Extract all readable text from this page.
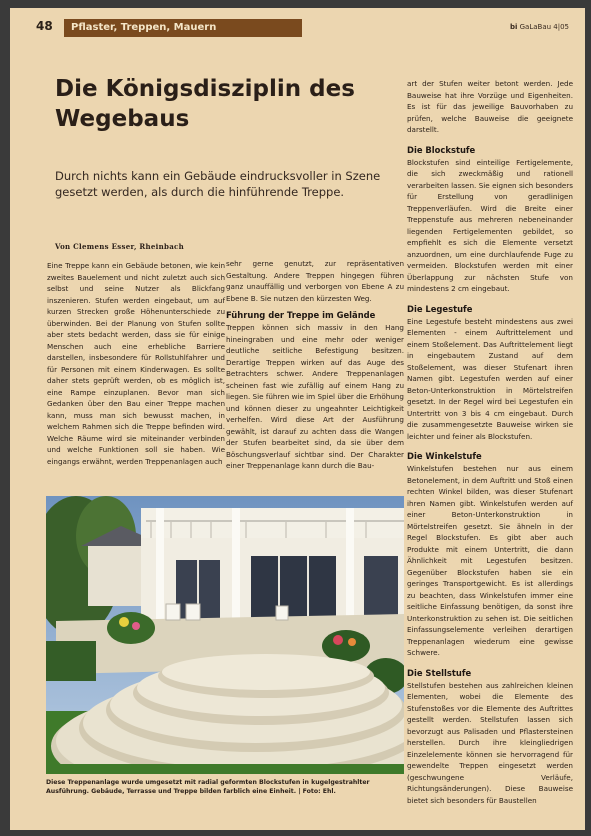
48	Pflaster, Treppen, Mauern	bi GaLaBau 4|05
Die Königsdisziplin des Wegebaus

Durch nichts kann ein Gebäude eindrucksvoller in Szene gesetzt werden, als durch die hinführende Treppe.

Von Clemens Esser, Rheinbach

Eine Treppe kann ein Gebäude betonen, wie kein zweites Bauelement und nicht zuletzt auch sich selbst und seine Nutzer als Blickfang inszenieren. Stufen werden eingebaut, um auf kurzen Strecken große Höhenunterschiede zu überwinden. Bei der Planung von Stufen sollte aber stets bedacht werden, dass sie für einige Menschen auch eine erhebliche Barriere darstellen, insbesondere für Rollstuhlfahrer und für Personen mit einem Kinderwagen. Es sollte daher stets geprüft werden, ob es möglich ist, eine Rampe einzuplanen. Bevor man sich Gedanken über den Bau einer Treppe machen kann, muss man sich bewusst machen, in welchem Rahmen sich die Treppe befinden wird. Welche Räume wird sie miteinander verbinden und welche Funktionen soll sie haben. Wie eingangs erwähnt, werden Treppenanlagen auch

sehr gerne genutzt, zur repräsentativen Gestaltung. Andere Treppen hingegen führen ganz unauffällig und verborgen von Ebene A zu Ebene B. Sie nutzen den kürzesten Weg.

Führung der Treppe im Gelände

Treppen können sich massiv in den Hang hineingraben und eine mehr oder weniger deutliche seitliche Befestigung besitzen. Derartige Treppen wirken auf das Auge des Betrachters schwer. Andere Treppenanlagen scheinen fast wie zufällig auf einem Hang zu liegen. Sie führen wie im Spiel über die Erhöhung und können dieser zu ungeahnter Leichtigkeit verhelfen. Wird diese Art der Ausführung gewählt, ist darauf zu achten dass die Wangen der Stufen bearbeitet sind, da sie über dem Böschungsverlauf sichtbar sind. Der Charakter einer Treppenanlage kann durch die Bau-

art der Stufen weiter betont werden. Jede Bauweise hat ihre Vorzüge und Eigenheiten. Es ist für das jeweilige Bauvorhaben zu prüfen, welche Bauweise die geeignete darstellt.

Die Blockstufe

Blockstufen sind einteilige Fertigelemente, die sich zweckmäßig und rationell verarbeiten lassen. Sie eignen sich besonders für Erstellung von geradlinigen Treppenverläufen. Wird die Breite einer Treppenstufe aus mehreren nebeneinander liegenden Fertigelementen gebildet, so empfiehlt es sich die Elemente versetzt anzuordnen, um eine durchlaufende Fuge zu vermeiden. Blockstufen werden mit einer Überlappung zur nächsten Stufe von mindestens 2 cm eingebaut.

Die Legestufe

Eine Legestufe besteht mindestens aus zwei Elementen - einem Auftrittelement und einem Stoßelement. Das Auftrittelement liegt in eingebautem Zustand auf dem Stoßelement, was dieser Stufenart ihren Namen gibt. Legestufen werden auf einer Beton-Unterkonstruktion in Mörtelstreifen gesetzt. In der Regel wird bei Legestufen ein Untertritt von 3 bis 4 cm eingebaut. Durch die zusammengesetzte Bauweise wirken sie leichter und feiner als Blockstufen.

Die Winkelstufe

Winkelstufen bestehen nur aus einem Betonelement, in dem Auftritt und Stoß einen rechten Winkel bilden, was dieser Stufenart ihren Namen gibt. Winkelstufen werden auf einer Beton-Unterkonstruktion in Mörtelstreifen gesetzt. Sie ähneln in der Regel Blockstufen. Es gibt aber auch Produkte mit einem Untertritt, die dann Ähnlichkeit mit Legestufen besitzen. Gegenüber Blockstufen haben sie ein geringes Transportgewicht. Es ist allerdings zu beachten, dass Winkelstufen immer eine seitliche Einfassung benötigen, da sonst ihre Unterkonstruktion zu sehen ist. Die seitlichen Einfassungselemente verleihen derartigen Treppenanlagen wiederum eine gewisse Schwere.

Die Stellstufe

Stellstufen bestehen aus zahlreichen kleinen Elementen, wobei die Elemente des Stufenstoßes vor die Elemente des Auftrittes gestellt werden. Stellstufen lassen sich bevorzugt aus Palisaden und Pflastersteinen herstellen. Durch ihre kleingliedrigen Einzelelemente können sie hervorragend für gewendelte Treppen eingesetzt werden (geschwungene Verläufe, Richtungsänderungen). Diese Bauweise bietet sich besonders für Baustellen

Diese Treppenanlage wurde umgesetzt mit radial geformten Blockstufen in kugelgestrahlter Ausführung. Gebäude, Terrasse und Treppe bilden farblich eine Einheit. | Foto: Ehl.
